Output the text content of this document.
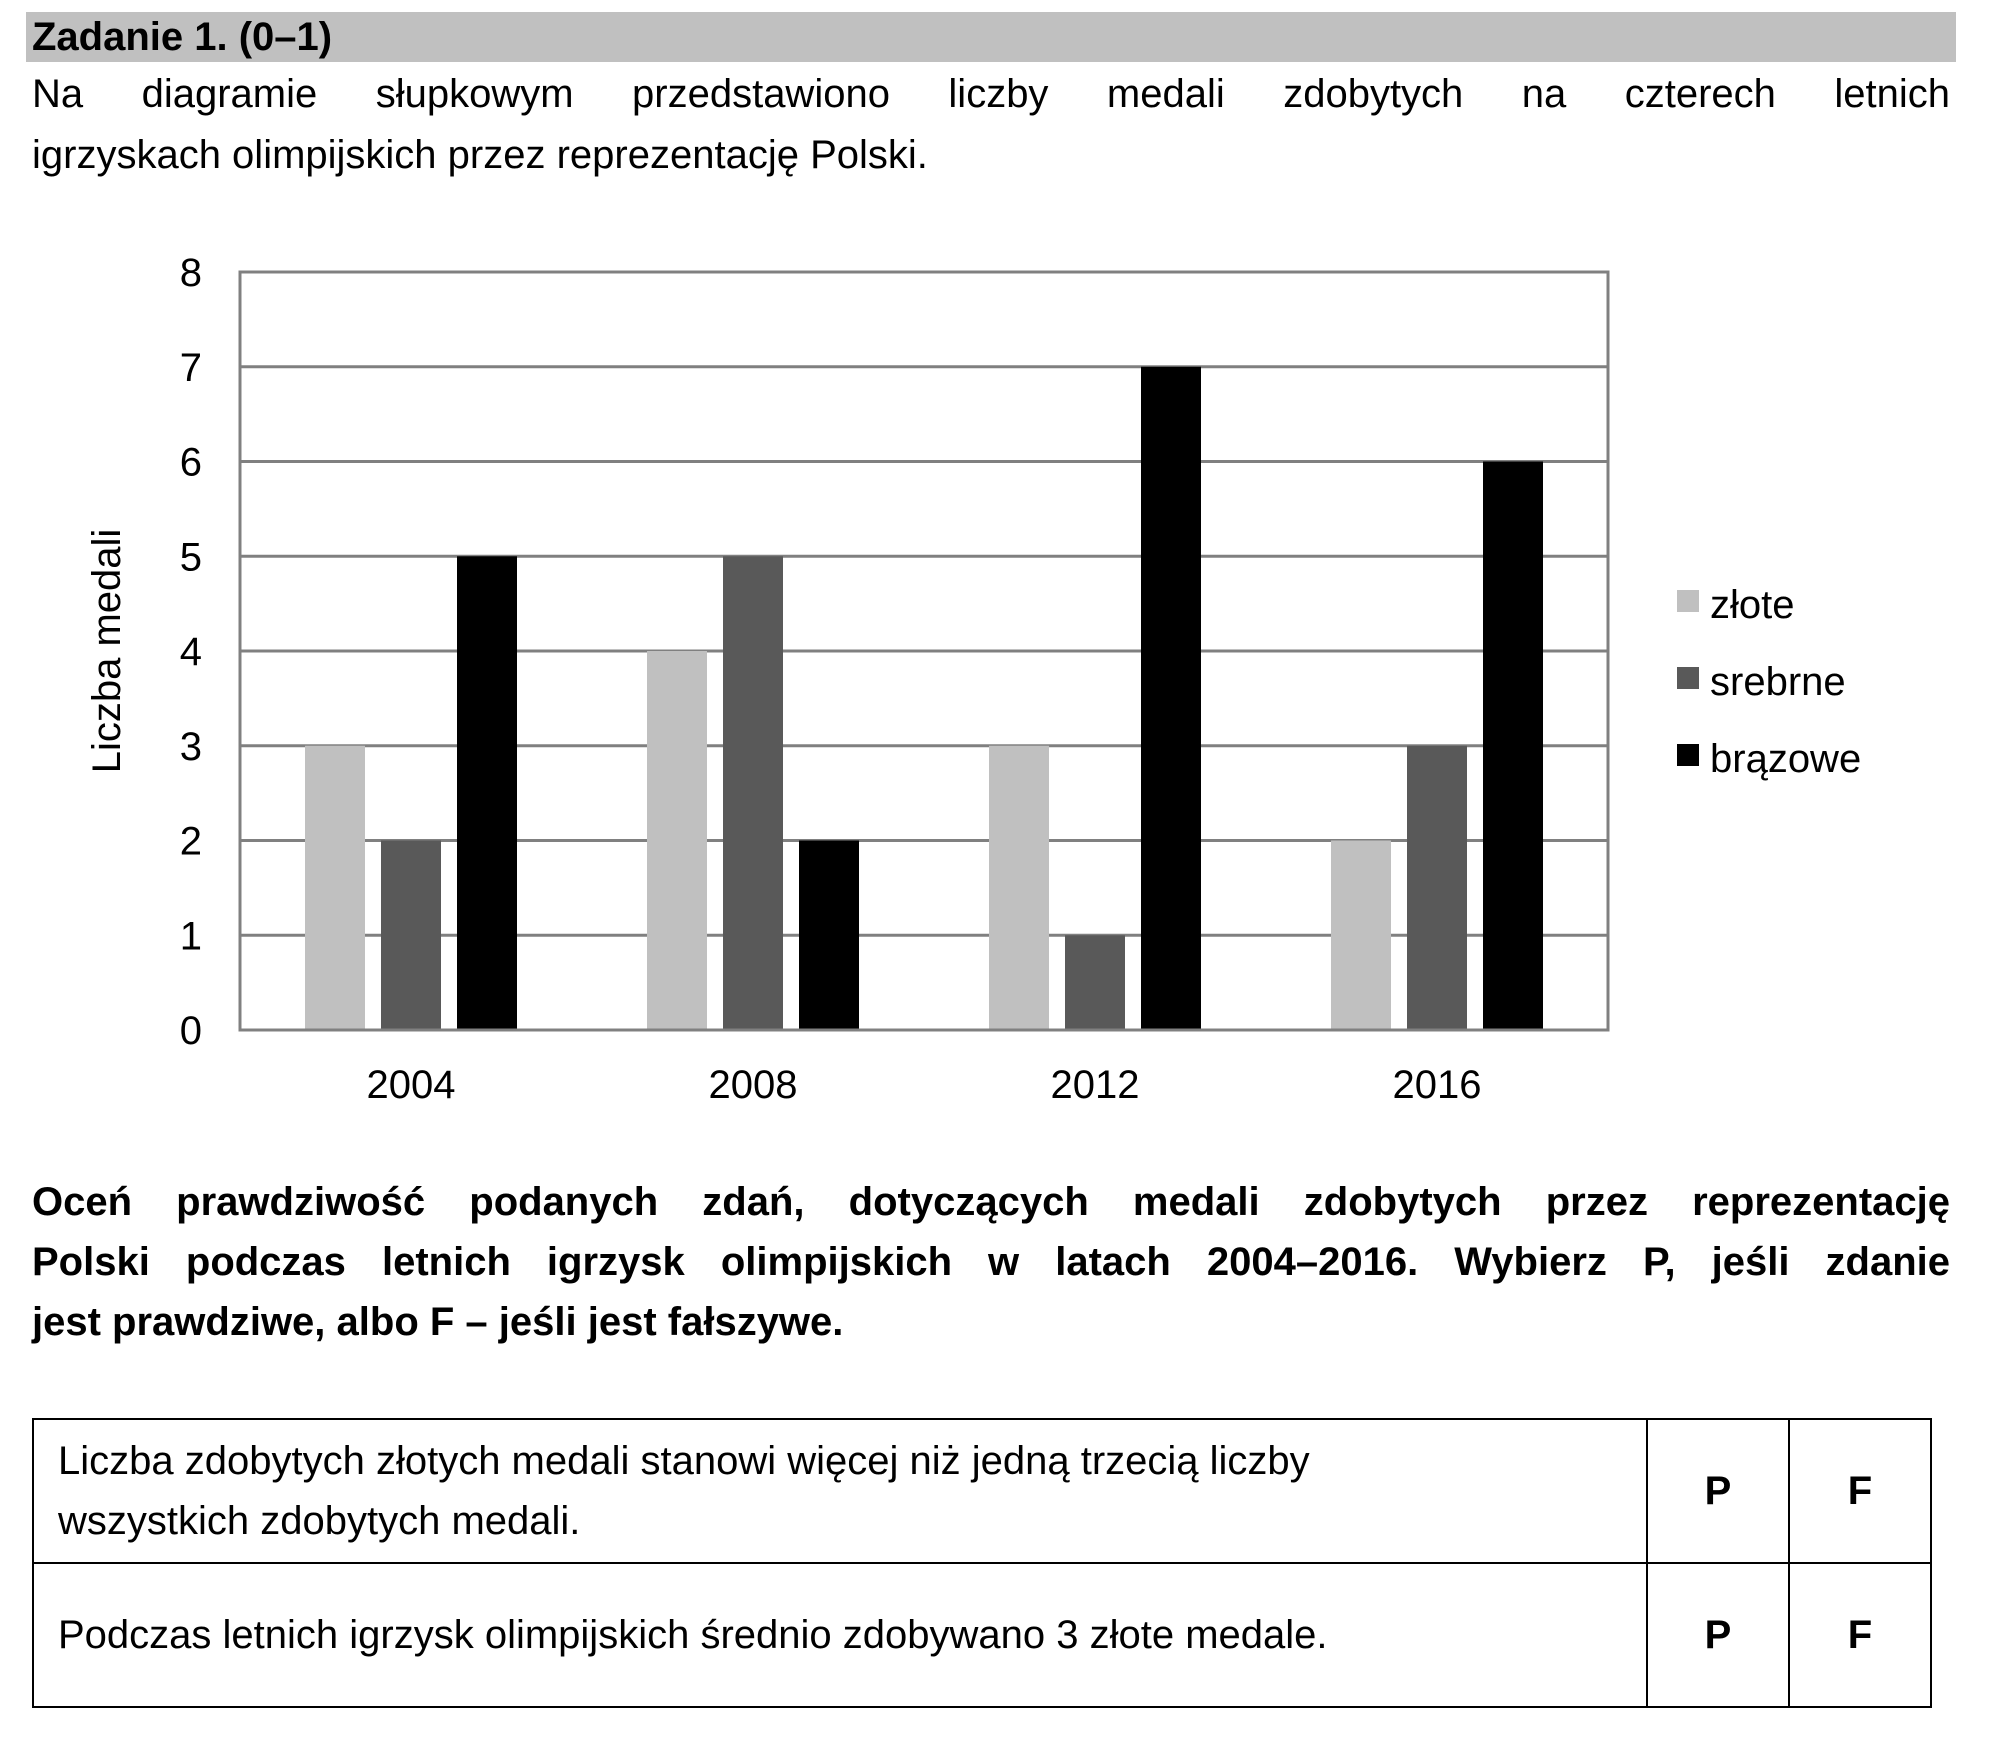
Zadanie 1. (0–1)
Na diagramie słupkowym przedstawiono liczby medali zdobytych na czterech letnich
igrzyskach olimpijskich przez reprezentację Polski.
0
1
2
3
4
5
6
7
8
2004	2008	2012	2016
Liczba medali	złote
srebrne
brązowe
Oceń prawdziwość podanych zdań, dotyczących medali zdobytych przez reprezentację
Polski podczas letnich igrzysk olimpijskich w latach 2004–2016. Wybierz P, jeśli zdanie
jest prawdziwe, albo F – jeśli jest fałszywe.
Liczba zdobytych złotych medali stanowi więcej niż jedną trzecią liczby
wszystkich zdobytych medali.	P	F
Podczas letnich igrzysk olimpijskich średnio zdobywano 3 złote medale.	P	F
